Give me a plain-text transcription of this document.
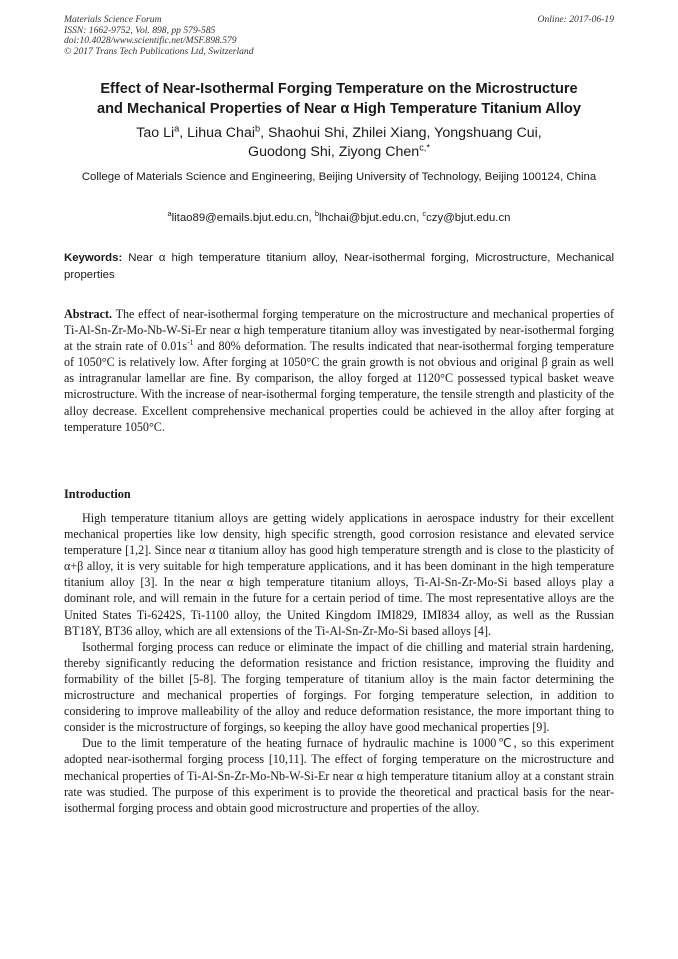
Materials Science Forum
ISSN: 1662-9752, Vol. 898, pp 579-585
doi:10.4028/www.scientific.net/MSF.898.579
© 2017 Trans Tech Publications Ltd, Switzerland
Online: 2017-06-19
Effect of Near-Isothermal Forging Temperature on the Microstructure
and Mechanical Properties of Near α High Temperature Titanium Alloy
Tao Li$^a$, Lihua Chai$^b$, Shaohui Shi, Zhilei Xiang, Yongshuang Cui,
Guodong Shi, Ziyong Chen$^{c,*}$
College of Materials Science and Engineering, Beijing University of Technology, Beijing 100124, China
$^a$litao89@emails.bjut.edu.cn, $^b$lhchai@bjut.edu.cn, $^c$czy@bjut.edu.cn
Keywords: Near α high temperature titanium alloy, Near-isothermal forging, Microstructure, Mechanical properties
Abstract. The effect of near-isothermal forging temperature on the microstructure and mechanical properties of Ti-Al-Sn-Zr-Mo-Nb-W-Si-Er near α high temperature titanium alloy was investigated by near-isothermal forging at the strain rate of $0.01s^{-1}$ and 80% deformation. The results indicated that near-isothermal forging temperature of 1050°C is relatively low. After forging at 1050°C the grain growth is not obvious and original β grain as well as intragranular lamellar are fine. By comparison, the alloy forged at 1120°C possessed typical basket weave microstructure. With the increase of near-isothermal forging temperature, the tensile strength and plasticity of the alloy decrease. Excellent comprehensive mechanical properties could be achieved in the alloy after forging at temperature 1050°C.
Introduction

High temperature titanium alloys are getting widely applications in aerospace industry for their excellent mechanical properties like low density, high specific strength, good corrosion resistance and elevated service temperature [1,2]. Since near α titanium alloy has good high temperature strength and is close to the plasticity of α+β alloy, it is very suitable for high temperature applications, and it has been dominant in the high temperature titanium alloy [3]. In the near α high temperature titanium alloys, Ti-Al-Sn-Zr-Mo-Si based alloys play a dominant role, and will remain in the future for a certain period of time. The most representative alloys are the United States Ti-6242S, Ti-1100 alloy, the United Kingdom IMI829, IMI834 alloy, as well as the Russian BT18Y, BT36 alloy, which are all extensions of the Ti-Al-Sn-Zr-Mo-Si based alloys [4].

Isothermal forging process can reduce or eliminate the impact of die chilling and material strain hardening, thereby significantly reducing the deformation resistance and friction resistance, improving the fluidity and formability of the billet [5-8]. The forging temperature of titanium alloy is the main factor determining the microstructure and mechanical properties of forgings. For forging temperature selection, in addition to considering to improve malleability of the alloy and reduce deformation resistance, the more important thing to consider is the microstructure of forgings, so keeping the alloy have good mechanical properties [9].

Due to the limit temperature of the heating furnace of hydraulic machine is 1000℃, so this experiment adopted near-isothermal forging process [10,11]. The effect of forging temperature on the microstructure and mechanical properties of Ti-Al-Sn-Zr-Mo-Nb-W-Si-Er near α high temperature titanium alloy at a constant strain rate was studied. The purpose of this experiment is to provide the theoretical and practical basis for the near-isothermal forging process and obtain good microstructure and properties of the alloy.
